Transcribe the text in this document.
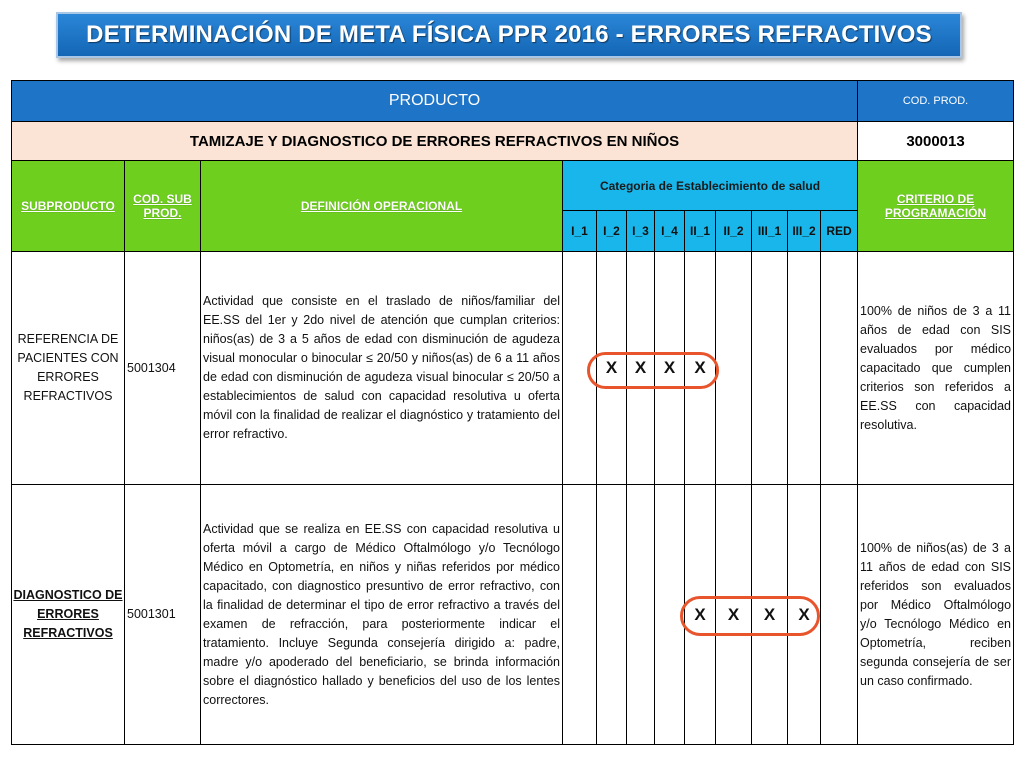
DETERMINACIÓN DE META FÍSICA PPR 2016 - ERRORES REFRACTIVOS
PRODUCTO												COD. PROD.
TAMIZAJE Y DIAGNOSTICO DE ERRORES REFRACTIVOS EN NIÑOS												3000013
SUBPRODUCTO	COD. SUB PROD.	DEFINICIÓN OPERACIONAL	Categoria de Establecimiento de salud									CRITERIO DE PROGRAMACIÓN
			I_1	I_2	I_3	I_4	II_1	II_2	III_1	III_2	RED	
REFERENCIA DE PACIENTES CON ERRORES REFRACTIVOS	5001304	Actividad que consiste en el traslado de niños/familiar del EE.SS del 1er y 2do nivel de atención que cumplan criterios: niños(as) de 3 a 5 años de edad con disminución de agudeza visual monocular o binocular ≤ 20/50 y niños(as) de 6 a 11 años de edad con disminución de agudeza visual binocular ≤ 20/50 a establecimientos de salud con capacidad resolutiva u oferta móvil con la finalidad de realizar el diagnóstico y tratamiento del error refractivo.		X	X	X	X					100% de niños de 3 a 11 años de edad con SIS evaluados por médico capacitado que cumplen criterios son referidos a EE.SS con capacidad resolutiva.
DIAGNOSTICO DE ERRORES REFRACTIVOS	5001301	Actividad que se realiza en EE.SS con capacidad resolutiva u oferta móvil a cargo de Médico Oftalmólogo y/o Tecnólogo Médico en Optometría, en niños y niñas referidos por médico capacitado, con diagnostico presuntivo de error refractivo, con la finalidad de determinar el tipo de error refractivo a través del examen de refracción, para posteriormente indicar el tratamiento. Incluye Segunda consejería dirigido a: padre, madre y/o apoderado del beneficiario, se brinda información sobre el diagnóstico hallado y beneficios del uso de los lentes correctores.					X	X	X	X		100% de niños(as) de 3 a 11 años de edad con SIS referidos son evaluados por Médico Oftalmólogo y/o Tecnólogo Médico en Optometría, reciben segunda consejería de ser un caso confirmado.
